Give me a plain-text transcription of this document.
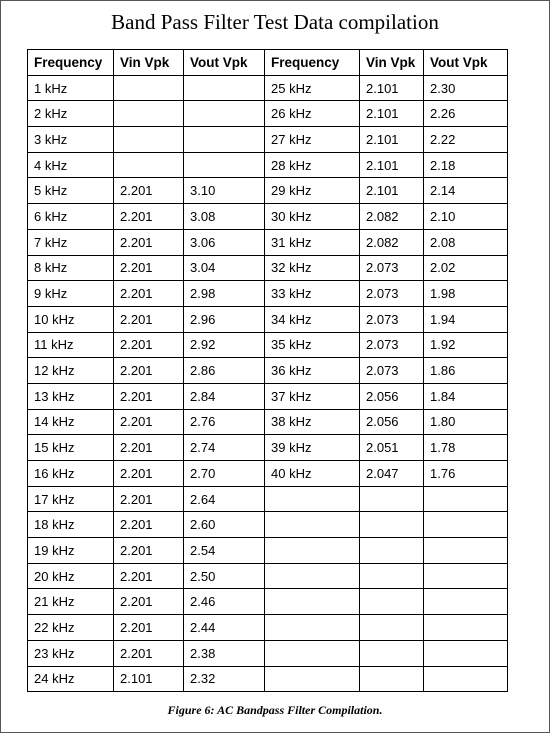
Band Pass Filter Test Data compilation
Frequency	Vin Vpk	Vout Vpk	Frequency	Vin Vpk	Vout Vpk
1 kHz			25 kHz	2.101	2.30
2 kHz			26 kHz	2.101	2.26
3 kHz			27 kHz	2.101	2.22
4 kHz			28 kHz	2.101	2.18
5 kHz	2.201	3.10	29 kHz	2.101	2.14
6 kHz	2.201	3.08	30 kHz	2.082	2.10
7 kHz	2.201	3.06	31 kHz	2.082	2.08
8 kHz	2.201	3.04	32 kHz	2.073	2.02
9 kHz	2.201	2.98	33 kHz	2.073	1.98
10 kHz	2.201	2.96	34 kHz	2.073	1.94
11 kHz	2.201	2.92	35 kHz	2.073	1.92
12 kHz	2.201	2.86	36 kHz	2.073	1.86
13 kHz	2.201	2.84	37 kHz	2.056	1.84
14 kHz	2.201	2.76	38 kHz	2.056	1.80
15 kHz	2.201	2.74	39 kHz	2.051	1.78
16 kHz	2.201	2.70	40 kHz	2.047	1.76
17 kHz	2.201	2.64			
18 kHz	2.201	2.60			
19 kHz	2.201	2.54			
20 kHz	2.201	2.50			
21 kHz	2.201	2.46			
22 kHz	2.201	2.44			
23 kHz	2.201	2.38			
24 kHz	2.101	2.32			
Figure 6: AC Bandpass Filter Compilation.
